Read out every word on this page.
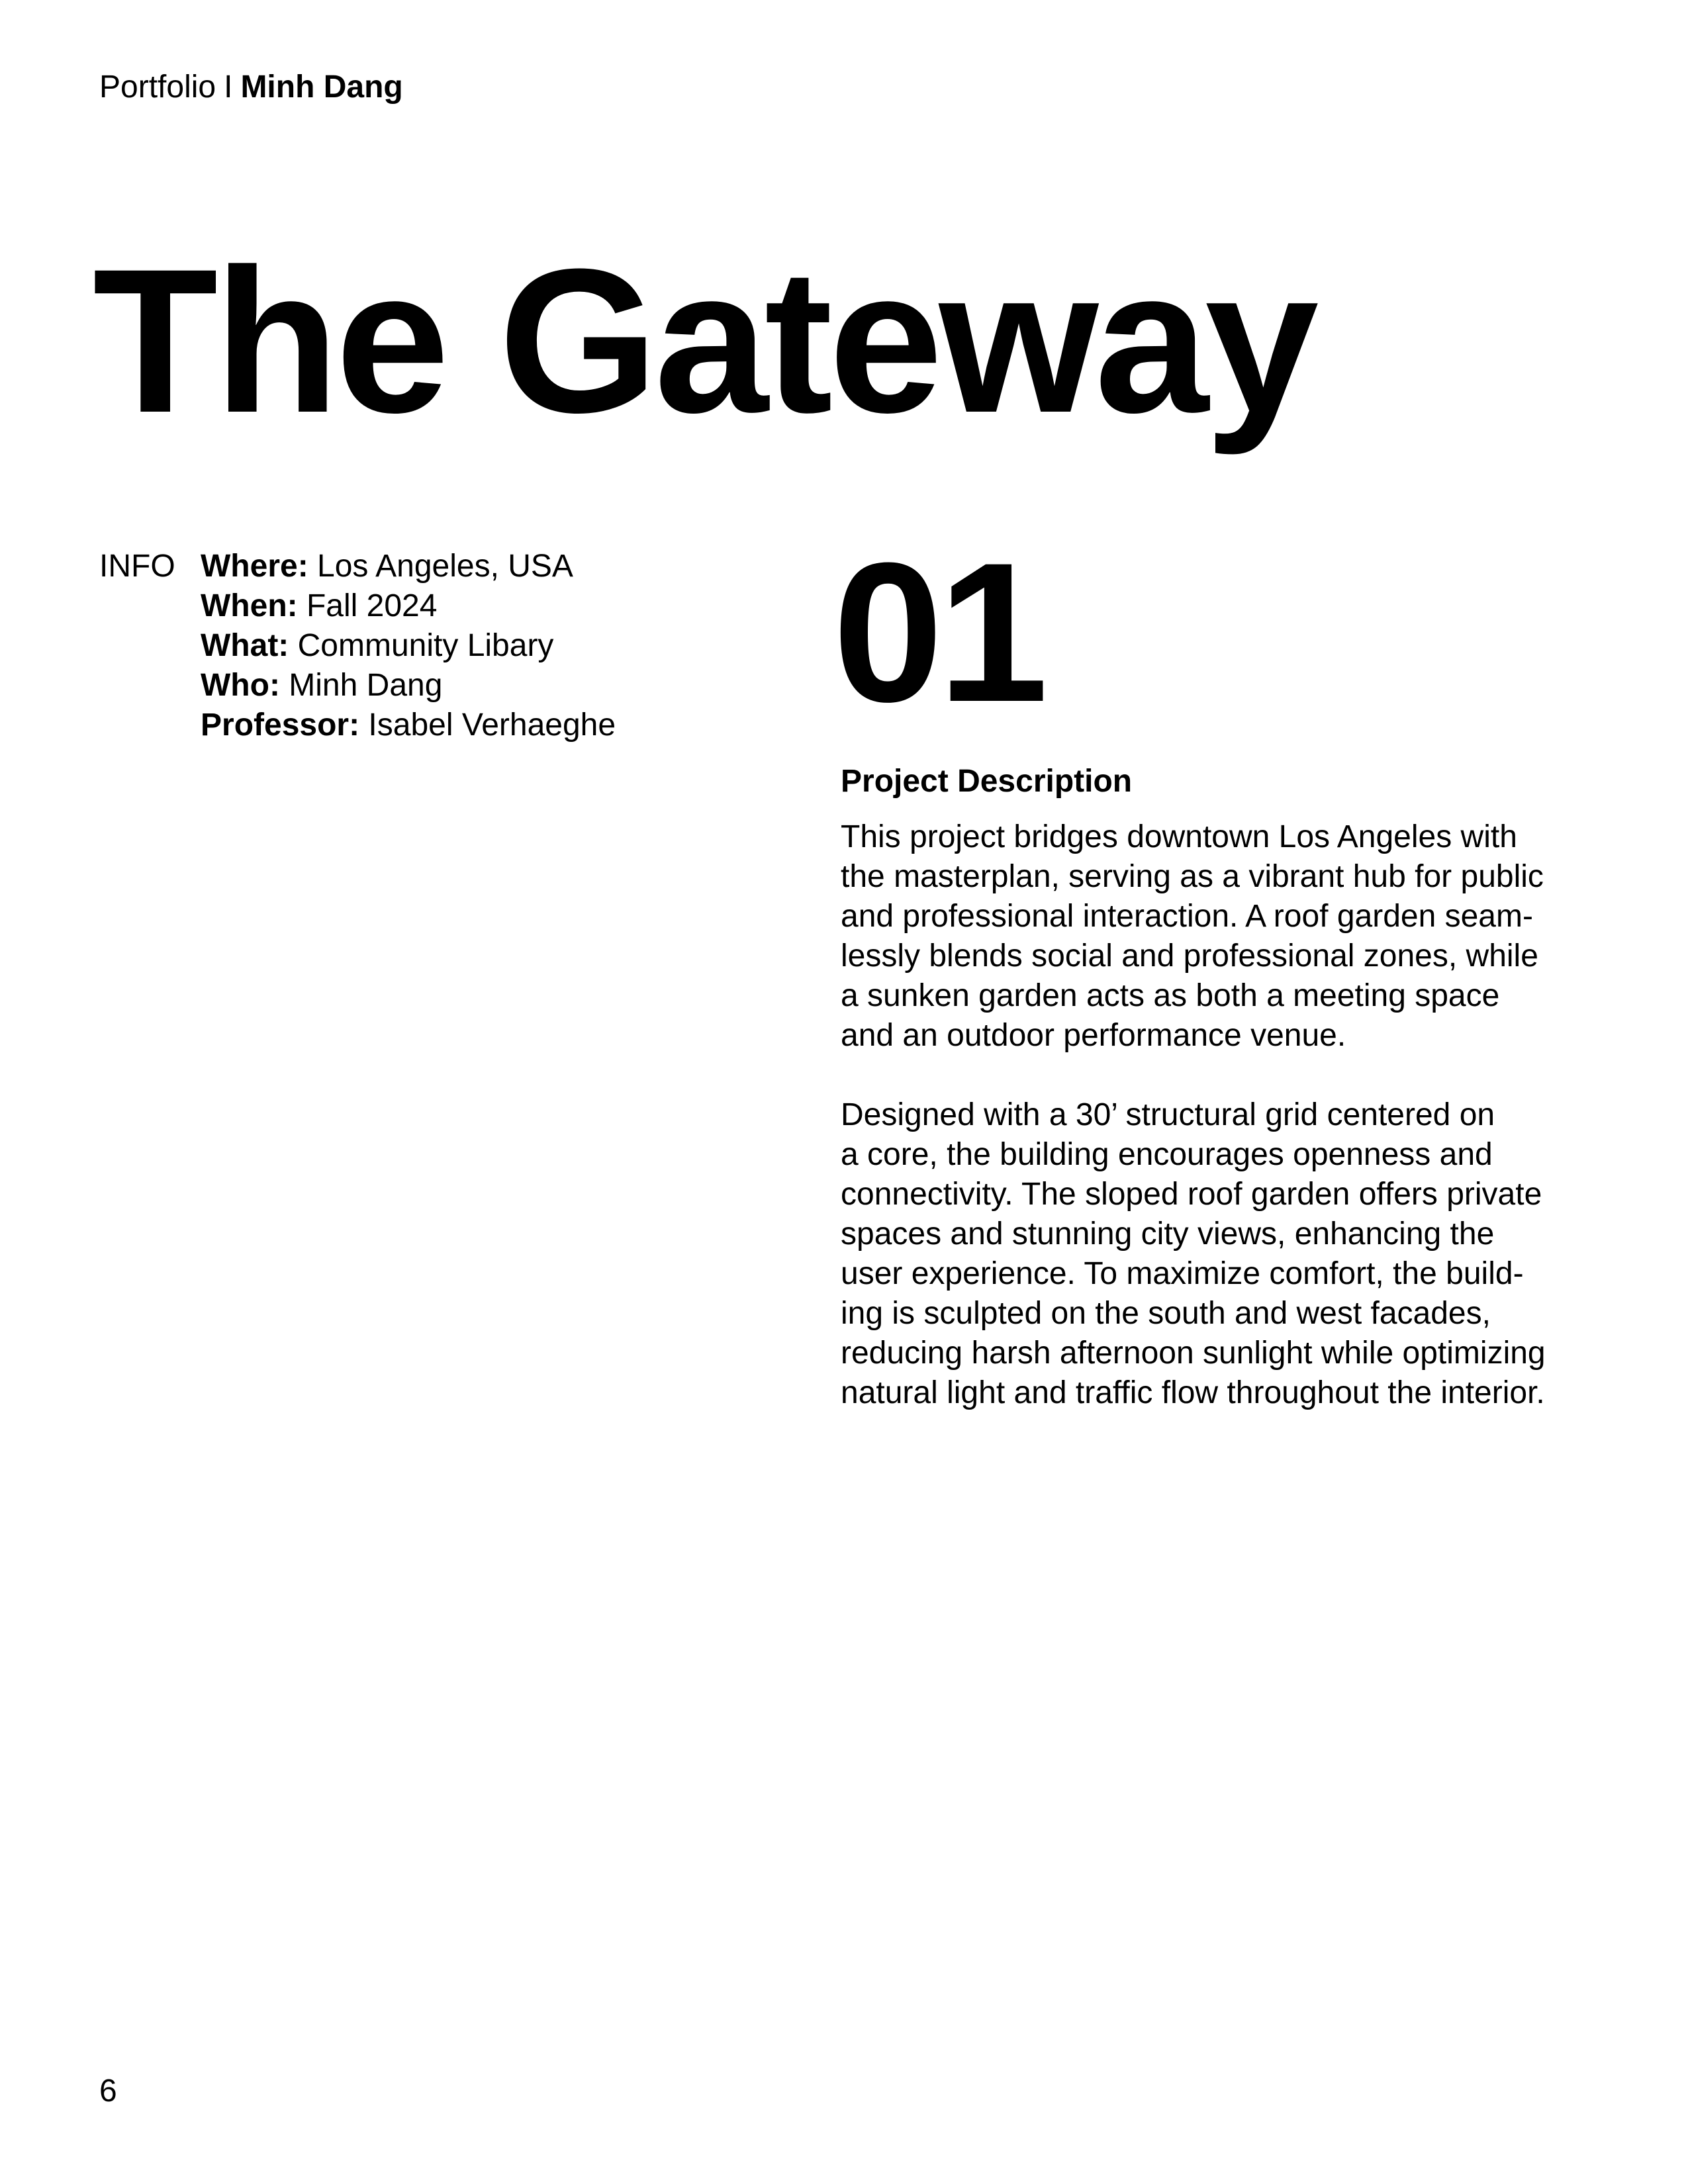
Portfolio I Minh Dang
The Gateway
INFO Where: Los Angeles, USA
When: Fall 2024
What: Community Libary
Who: Minh Dang
Professor: Isabel Verhaeghe 01
Project Description

This project bridges downtown Los Angeles with
the masterplan, serving as a vibrant hub for public
and professional interaction. A roof garden seam-
lessly blends social and professional zones, while
a sunken garden acts as both a meeting space
and an outdoor performance venue.

Designed with a 30’ structural grid centered on
a core, the building encourages openness and
connectivity. The sloped roof garden offers private
spaces and stunning city views, enhancing the
user experience. To maximize comfort, the build-
ing is sculpted on the south and west facades,
reducing harsh afternoon sunlight while optimizing
natural light and traffic flow throughout the interior.

6
